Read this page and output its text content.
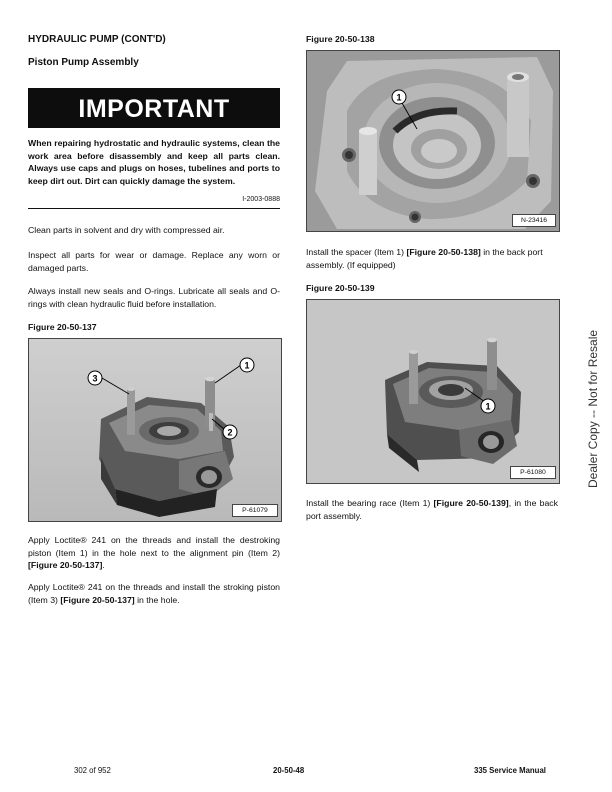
HYDRAULIC PUMP (CONT'D)
Piston Pump Assembly
IMPORTANT
When repairing hydrostatic and hydraulic systems, clean the work area before disassembly and keep all parts clean. Always use caps and plugs on hoses, tubelines and ports to keep dirt out. Dirt can quickly damage the system.
I-2003-0888
Clean parts in solvent and dry with compressed air.
Inspect all parts for wear or damage. Replace any worn or damaged parts.
Always install new seals and O-rings. Lubricate all seals and O-rings with clean hydraulic fluid before installation.
Figure 20-50-137
3
1
2
P-61079
Apply Loctite® 241 on the threads and install the destroking piston (Item 1) in the hole next to the alignment pin (Item 2) [Figure 20-50-137].
Apply Loctite® 241 on the threads and install the stroking piston (Item 3) [Figure 20-50-137] in the hole.
Figure 20-50-138
1
N-23416
Install the spacer (Item 1) [Figure 20-50-138] in the back port assembly. (If equipped)
Figure 20-50-139
1
P-61080
Install the bearing race (Item 1) [Figure 20-50-139], in the back port assembly.
Dealer Copy -- Not for Resale
302 of 952	20-50-48	335 Service Manual
